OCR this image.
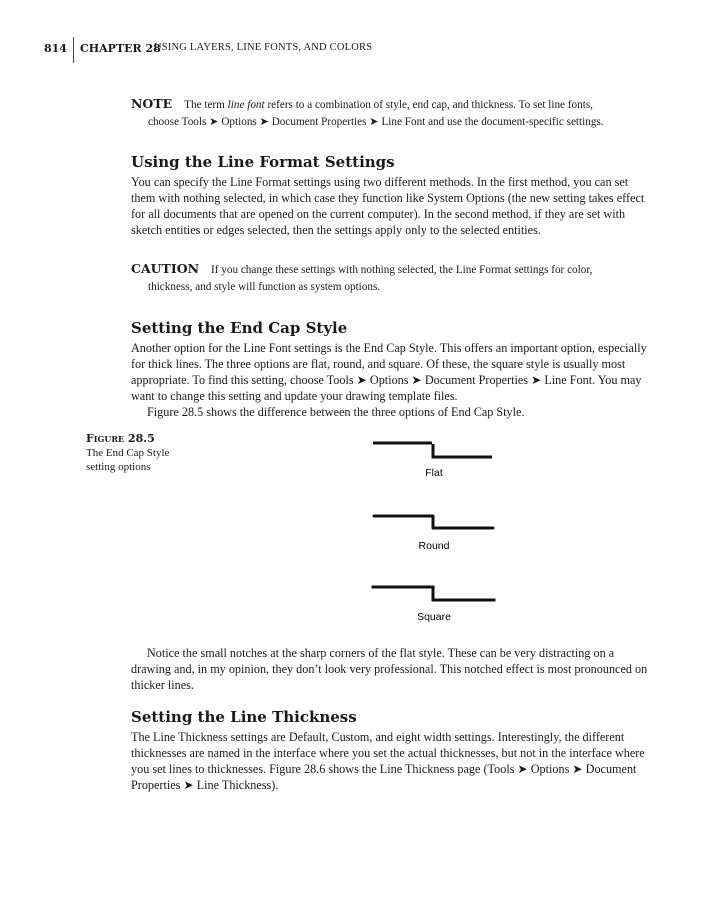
814 CHAPTER 28
USING LAYERS, LINE FONTS, AND COLORS
NOTE The term line font refers to a combination of style, end cap, and thickness. To set line fonts,
choose Tools ➤ Options ➤ Document Properties ➤ Line Font and use the document-specific settings.
Using the Line Format Settings

You can specify the Line Format settings using two different methods. In the first method, you can set them with nothing selected, in which case they function like System Options (the new setting takes effect for all documents that are opened on the current computer). In the second method, if they are set with sketch entities or edges selected, then the settings apply only to the selected entities.

CAUTION If you change these settings with nothing selected, the Line Format settings for color,
thickness, and style will function as system options.
Setting the End Cap Style

Another option for the Line Font settings is the End Cap Style. This offers an important option, especially for thick lines. The three options are flat, round, and square. Of these, the square style is usually most appropriate. To find this setting, choose Tools ➤ Options ➤ Document Properties ➤ Line Font. You may want to change this setting and update your drawing template files.

Figure 28.5 shows the difference between the three options of End Cap Style.

Figure 28.5
The End Cap Style
setting options	Flat
Round
Square

Notice the small notches at the sharp corners of the flat style. These can be very distracting on a drawing and, in my opinion, they don’t look very professional. This notched effect is most pronounced on thicker lines.

Setting the Line Thickness

The Line Thickness settings are Default, Custom, and eight width settings. Interestingly, the different thicknesses are named in the interface where you set the actual thicknesses, but not in the interface where you set lines to thicknesses. Figure 28.6 shows the Line Thickness page (Tools ➤ Options ➤ Document Properties ➤ Line Thickness).
